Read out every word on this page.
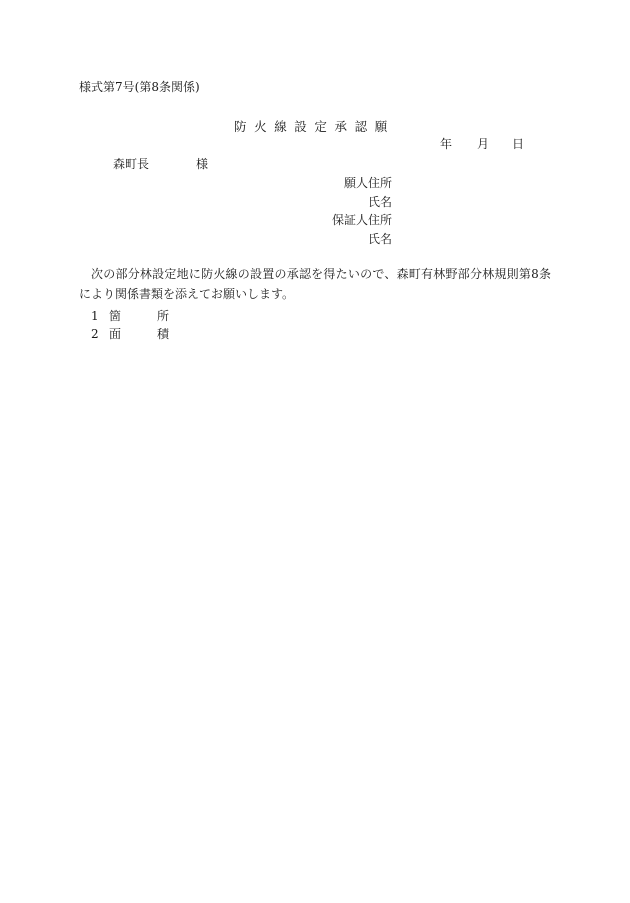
様式第7号(第8条関係)
防火線設定承認願
年 月 日
森町長	様
願人住所
氏名
保証人住所
氏名
次の部分林設定地に防火線の設置の承認を得たいので、森町有林野部分林規則第8条により関係書類を添えてお願いします。
1 箇	所
2 面	積
